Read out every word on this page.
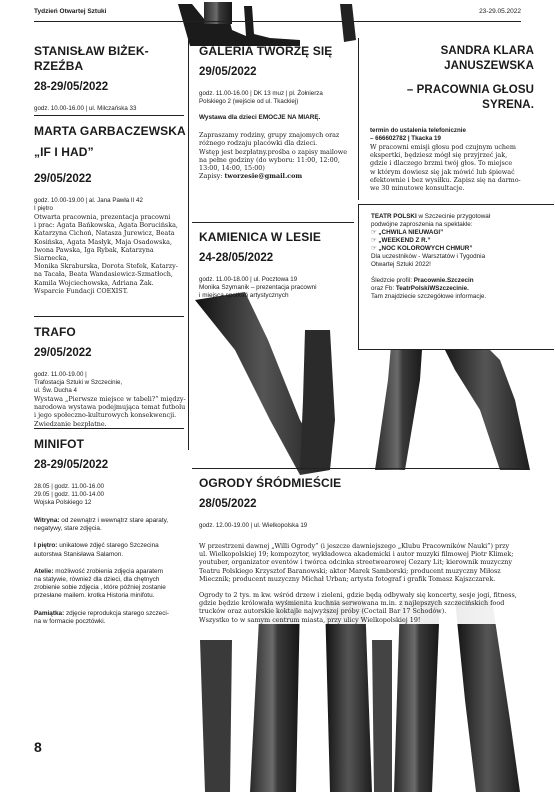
Tydzień Otwartej Sztuki	23-29.05.2022
STANISŁAW BIŻEK- RZEŹBA
28-29/05/2022
godz. 10.00-16.00 | ul. Milczańska 33
MARTA GARBACZEWSKA
„IF I HAD”
29/05/2022
godz. 10.00-19.00 | al. Jana Pawła II 42
I piętro
Otwarta pracownia, prezentacja pracowni
i prac: Agata Bańkowska, Agata Borucińska,
Katarzyna Cichoń, Natasza Jurewicz, Beata
Kosińska, Agata Masłyk, Maja Osadowska,
Iwona Pawska, Iga Rybak, Katarzyna Siarnecka,
Monika Skraburska, Dorota Stefek, Katarzy-
na Tacała, Beata Wandasiewicz-Szmatłoch,
Kamila Wojciechowska, Adriana Żak.
Wsparcie Fundacji COEXIST.
TRAFO
29/05/2022
godz. 11.00-19.00 |
Trafostacja Sztuki w Szczecinie,
ul. Św. Ducha 4
Wystawa „Pierwsze miejsce w tabeli?” między-
narodowa wystawa podejmująca temat futbolu
i jego społeczno-kulturowych konsekwencji.
Zwiedzanie bezpłatne.
MINIFOT
28-29/05/2022
28.05 | godz. 11.00-16.00
29.05 | godz. 11.00-14.00
Wojska Polskiego 12
Witryna: od zewnątrz i wewnątrz stare aparaty,
negatywy, stare zdjęcia.
I piętro: unikatowe zdjęć starego Szczecina
autorstwa Stanisława Salamon.
Atelie: możliwość zrobienia zdjęcia aparatem
na statywie, również dla dzieci, dla chętnych
zrobienie sobie zdjęcia , które później zostanie
przesłane mailem. krotka Historia minifotu.
Pamiątka: zdjęcie reprodukcja starego szczeci-
na w formacie pocztówki.
GALERIA TWORZĘ SIĘ
29/05/2022
godz. 11.00-16.00 | DK 13 muz | pl. Żołnierza
Polskiego 2 (wejście od ul. Tkackiej)
Wystawa dla dzieci EMOCJE NA MIARĘ.
Zapraszamy rodziny, grupy znajomych oraz
różnego rodzaju placówki dla dzieci.
Wstęp jest bezpłatny.prośba o zapisy mailowe
na pełne godziny (do wyboru: 11:00, 12:00,
13:00, 14:00, 15:00)
Zapisy: tworzesie@gmail.com
KAMIENICA W LESIE
24-28/05/2022
godz. 11.00-18.00 | ul. Pocztowa 19
Monika Szymanik – prezentacja pracowni
i miejsca spotkań artystycznych
SANDRA KLARA JANUSZEWSKA
– PRACOWNIA GŁOSU SYRENA.
termin do ustalenia telefonicznie
– 666602782 | Tkacka 19
W pracowni emisji głosu pod czujnym uchem
ekspertki, będziesz mógł się przyjrzeć jak,
gdzie i dlaczego brzmi twój głos. To miejsce
w którym dowiesz się jak mówić lub śpiewać
efektownie i bez wysiłku. Zapisz się na darmo-
we 30 minutowe konsultacje.
TEATR POLSKI w Szczecinie przygotował
podwójne zaproszenia na spektakle:
☞ „CHWILA NIEUWAGI”
☞ „WEEKEND Z R.”
☞ „NOC KOLOROWYCH CHMUR”
Dla uczestników - Warsztatów i Tygodnia
Otwartej Sztuki 2022!
Śledzcie profil: Pracownie.Szczecin
oraz Fb: TeatrPolskiWSzczecinie.
Tam znajdziecie szczegółowe informacje.
OGRODY ŚRÓDMIEŚCIE
28/05/2022
godz. 12.00-19.00 | ul. Wielkopolska 19
W przestrzeni dawnej „Willi Ogrody” (i jeszcze dawniejszego „Klubu Pracowników Nauki”) przy
ul. Wielkopolskiej 19; kompozytor, wykładowca akademicki i autor muzyki filmowej Piotr Klimek;
youtuber, organizator eventów i twórca odcinka streetwearowej Cezary Lit; kierownik muzyczny
Teatru Polskiego Krzysztof Baranowski; aktor Marek Samborski; producent muzyczny Miłosz
Miecznik; producent muzyczny Michał Urban; artysta fotograf i grafik Tomasz Kajszczarek.
Ogrody to 2 tys. m kw. wśród drzew i zieleni, gdzie będą odbywały się koncerty, sesje jogi, fitness,
gdzie będzie królowała wyśmienita kuchnia serwowana m.in. z najlepszych szczecińskich food
trucków oraz autorskie koktajle najwyższej próby (Coctail Bar 17 Schodów).
Wszystko to w samym centrum miasta, przy ulicy Wielkopolskiej 19!
8
